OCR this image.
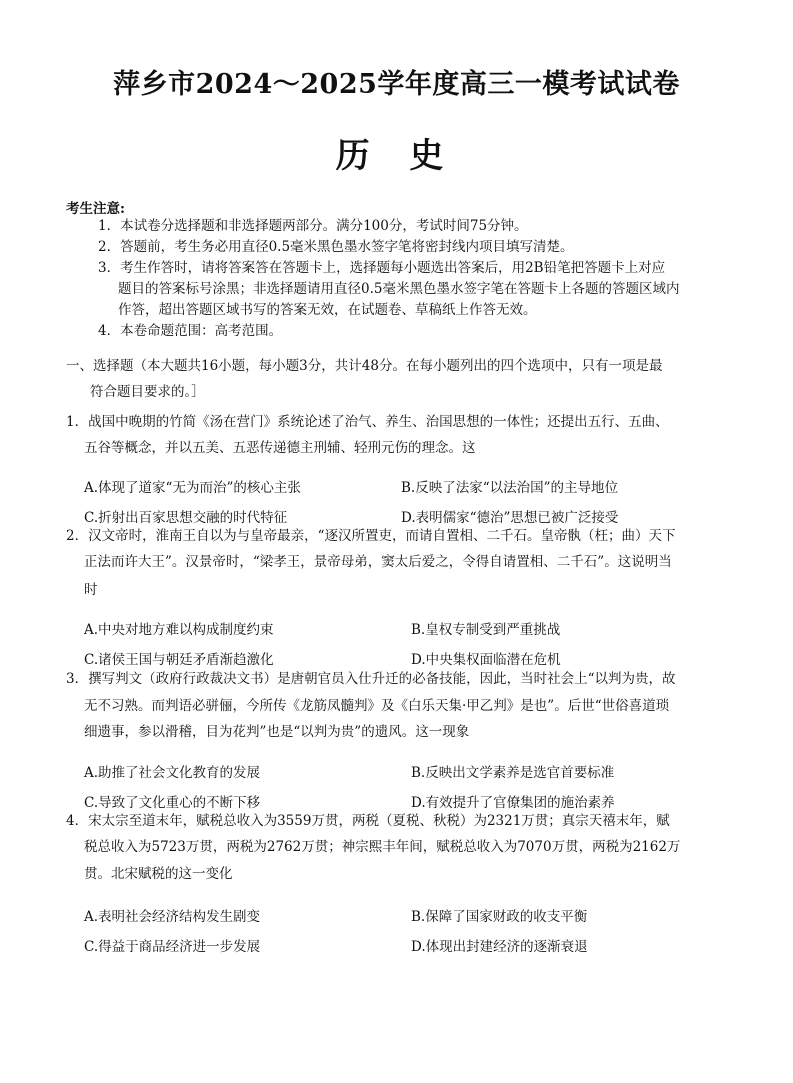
萍乡市2024～2025学年度高三一模考试试卷
历 史
考生注意:
1．本试卷分选择题和非选择题两部分。满分100分，考试时间75分钟。
2．答题前，考生务必用直径0.5毫米黑色墨水签字笔将密封线内项目填写清楚。
3．考生作答时，请将答案答在答题卡上，选择题每小题选出答案后，用2B铅笔把答题卡上对应
题目的答案标号涂黑；非选择题请用直径0.5毫米黑色墨水签字笔在答题卡上各题的答题区域内
作答，超出答题区域书写的答案无效，在试题卷、草稿纸上作答无效。
4．本卷命题范围：高考范围。
一、选择题（本大题共16小题，每小题3分，共计48分。在每小题列出的四个选项中，只有一项是最
符合题目要求的。］
1．战国中晚期的竹简《汤在营门》系统论述了治气、养生、治国思想的一体性；还提出五行、五曲、
五谷等概念，并以五美、五恶传递德主刑辅、轻刑元伤的理念。这
A.体现了道家“无为而治”的核心主张	B.反映了法家“以法治国”的主导地位
C.折射出百家思想交融的时代特征	D.表明儒家“德治”思想已被广泛接受
2．汉文帝时，淮南王自以为与皇帝最亲，“逐汉所置吏，而请自置相、二千石。皇帝骫（枉；曲）天下
正法而许大王”。汉景帝时，“梁孝王，景帝母弟，窦太后爱之，令得自请置相、二千石”。这说明当
时
A.中央对地方难以构成制度约束	B.皇权专制受到严重挑战
C.诸侯王国与朝廷矛盾渐趋激化	D.中央集权面临潜在危机
3．撰写判文（政府行政裁决文书）是唐朝官员入仕升迁的必备技能，因此，当时社会上“以判为贵，故
无不习熟。而判语必骈俪，今所传《龙筋凤髓判》及《白乐天集·甲乙判》是也”。后世“世俗喜道琐
细遗事，参以滑稽，目为花判”也是“以判为贵”的遗风。这一现象
A.助推了社会文化教育的发展	B.反映出文学素养是选官首要标准
C.导致了文化重心的不断下移	D.有效提升了官僚集团的施治素养
4．宋太宗至道末年，赋税总收入为3559万贯，两税（夏税、秋税）为2321万贯；真宗天禧末年，赋
税总收入为5723万贯，两税为2762万贯；神宗熙丰年间，赋税总收入为7070万贯，两税为2162万
贯。北宋赋税的这一变化
A.表明社会经济结构发生剧变	B.保障了国家财政的收支平衡
C.得益于商品经济进一步发展	D.体现出封建经济的逐渐衰退
